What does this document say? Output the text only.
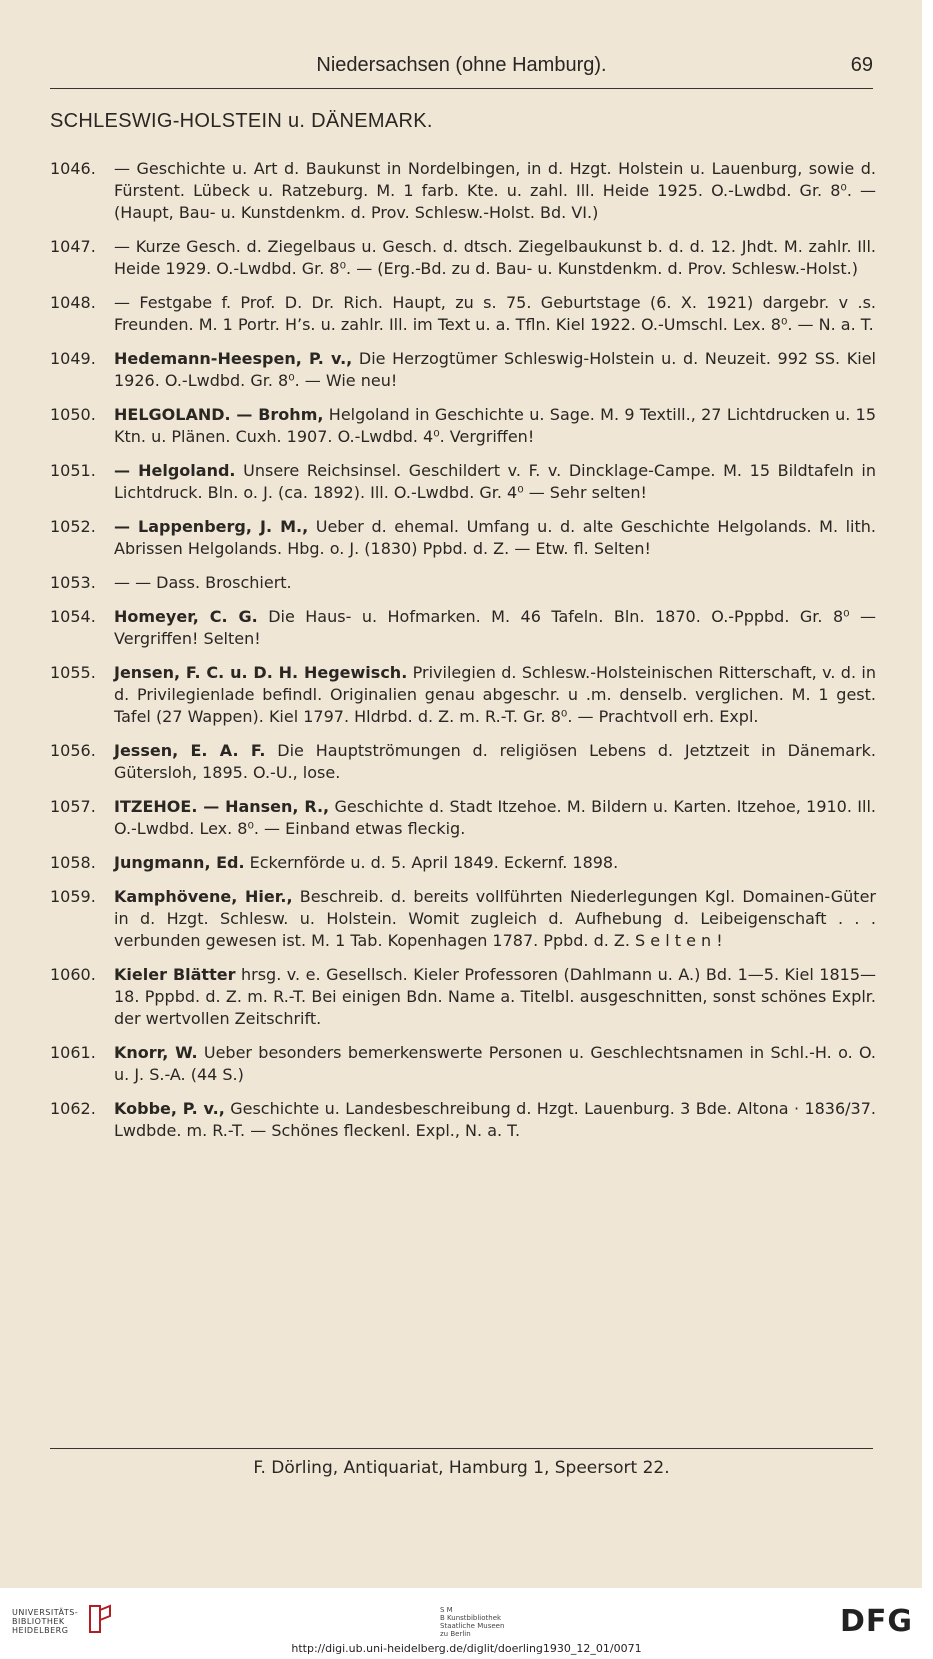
Niedersachsen (ohne Hamburg).	69
SCHLESWIG-HOLSTEIN u. DÄNEMARK.
1046. — Geschichte u. Art d. Baukunst in Nordelbingen, in d. Hzgt. Holstein u. Lauenburg, sowie d. Fürstent. Lübeck u. Ratzeburg. M. 1 farb. Kte. u. zahl. Ill. Heide 1925. O.-Lwdbd. Gr. 8⁰. — (Haupt, Bau- u. Kunstdenkm. d. Prov. Schlesw.-Holst. Bd. VI.)
1047. — Kurze Gesch. d. Ziegelbaus u. Gesch. d. dtsch. Ziegelbaukunst b. d. d. 12. Jhdt. M. zahlr. Ill. Heide 1929. O.-Lwdbd. Gr. 8⁰. — (Erg.-Bd. zu d. Bau- u. Kunstdenkm. d. Prov. Schlesw.-Holst.)
1048. — Festgabe f. Prof. D. Dr. Rich. Haupt, zu s. 75. Geburtstage (6. X. 1921) dargebr. v .s. Freunden. M. 1 Portr. H’s. u. zahlr. Ill. im Text u. a. Tfln. Kiel 1922. O.-Umschl. Lex. 8⁰. — N. a. T.
1049. Hedemann-Heespen, P. v., Die Herzogtümer Schleswig-Holstein u. d. Neuzeit. 992 SS. Kiel 1926. O.-Lwdbd. Gr. 8⁰. — Wie neu!
1050. HELGOLAND. — Brohm, Helgoland in Geschichte u. Sage. M. 9 Textill., 27 Lichtdrucken u. 15 Ktn. u. Plänen. Cuxh. 1907. O.-Lwdbd. 4⁰. Vergriffen!
1051. — Helgoland. Unsere Reichsinsel. Geschildert v. F. v. Dincklage-Campe. M. 15 Bildtafeln in Lichtdruck. Bln. o. J. (ca. 1892). Ill. O.-Lwdbd. Gr. 4⁰ — Sehr selten!
1052. — Lappenberg, J. M., Ueber d. ehemal. Umfang u. d. alte Geschichte Helgolands. M. lith. Abrissen Helgolands. Hbg. o. J. (1830) Ppbd. d. Z. — Etw. fl. Selten!
1053. — — Dass. Broschiert.
1054. Homeyer, C. G. Die Haus- u. Hofmarken. M. 46 Tafeln. Bln. 1870. O.-Pppbd. Gr. 8⁰ — Vergriffen! Selten!
1055. Jensen, F. C. u. D. H. Hegewisch. Privilegien d. Schlesw.-Holsteinischen Ritterschaft, v. d. in d. Privilegienlade befindl. Originalien genau abgeschr. u .m. denselb. verglichen. M. 1 gest. Tafel (27 Wappen). Kiel 1797. Hldrbd. d. Z. m. R.-T. Gr. 8⁰. — Prachtvoll erh. Expl.
1056. Jessen, E. A. F. Die Hauptströmungen d. religiösen Lebens d. Jetztzeit in Dänemark. Gütersloh, 1895. O.-U., lose.
1057. ITZEHOE. — Hansen, R., Geschichte d. Stadt Itzehoe. M. Bildern u. Karten. Itzehoe, 1910. Ill. O.-Lwdbd. Lex. 8⁰. — Einband etwas fleckig.
1058. Jungmann, Ed. Eckernförde u. d. 5. April 1849. Eckernf. 1898.
1059. Kamphövene, Hier., Beschreib. d. bereits vollführten Niederlegungen Kgl. Domainen-Güter in d. Hzgt. Schlesw. u. Holstein. Womit zugleich d. Aufhebung d. Leibeigenschaft . . . verbunden gewesen ist. M. 1 Tab. Kopenhagen 1787. Ppbd. d. Z. S e l t e n !
1060. Kieler Blätter hrsg. v. e. Gesellsch. Kieler Professoren (Dahlmann u. A.) Bd. 1—5. Kiel 1815—18. Pppbd. d. Z. m. R.-T. Bei einigen Bdn. Name a. Titelbl. ausgeschnitten, sonst schönes Explr. der wertvollen Zeitschrift.
1061. Knorr, W. Ueber besonders bemerkenswerte Personen u. Geschlechtsnamen in Schl.-H. o. O. u. J. S.-A. (44 S.)
1062. Kobbe, P. v., Geschichte u. Landesbeschreibung d. Hzgt. Lauenburg. 3 Bde. Altona · 1836/37. Lwdbde. m. R.-T. — Schönes fleckenl. Expl., N. a. T.
F. Dörling, Antiquariat, Hamburg 1, Speersort 22.
UNIVERSITÄTS-
BIBLIOTHEK
HEIDELBERG
S M
B Kunstbibliothek
Staatliche Museen
zu Berlin	DFG
http://digi.ub.uni-heidelberg.de/diglit/doerling1930_12_01/0071
